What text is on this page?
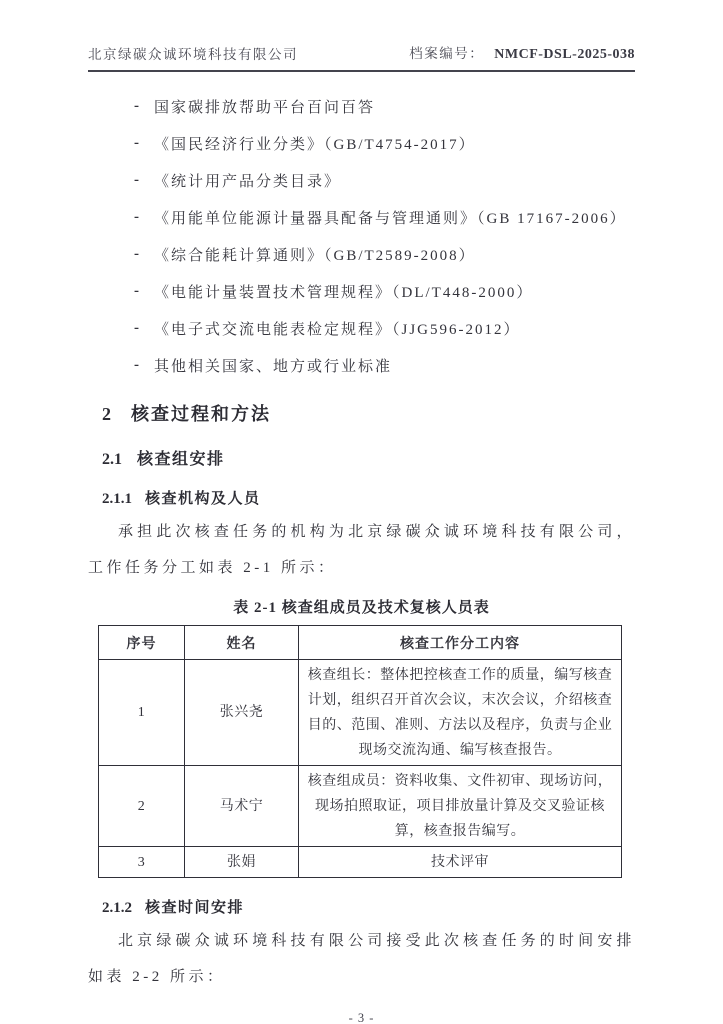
北京绿碳众诚环境科技有限公司	档案编号： NMCF-DSL-2025-038
- 国家碳排放帮助平台百问百答
- 《国民经济行业分类》（GB/T4754-2017）
- 《统计用产品分类目录》
- 《用能单位能源计量器具配备与管理通则》（GB 17167-2006）
- 《综合能耗计算通则》（GB/T2589-2008）
- 《电能计量装置技术管理规程》（DL/T448-2000）
- 《电子式交流电能表检定规程》（JJG596-2012）
- 其他相关国家、地方或行业标准
2 核查过程和方法
2.1 核查组安排
2.1.1 核查机构及人员

承担此次核查任务的机构为北京绿碳众诚环境科技有限公司，工作任务分工如表 2-1 所示：

表 2-1 核查组成员及技术复核人员表
序号	姓名	核查工作分工内容
1	张兴尧	核查组长：整体把控核查工作的质量，编写核查计划，组织召开首次会议，末次会议，介绍核查目的、范围、准则、方法以及程序，负责与企业现场交流沟通、编写核查报告。
2	马术宁	核查组成员：资料收集、文件初审、现场访问，现场拍照取证，项目排放量计算及交叉验证核算，核查报告编写。
3	张娟	技术评审
2.1.2 核查时间安排

北京绿碳众诚环境科技有限公司接受此次核查任务的时间安排如表 2-2 所示：

- 3 -
